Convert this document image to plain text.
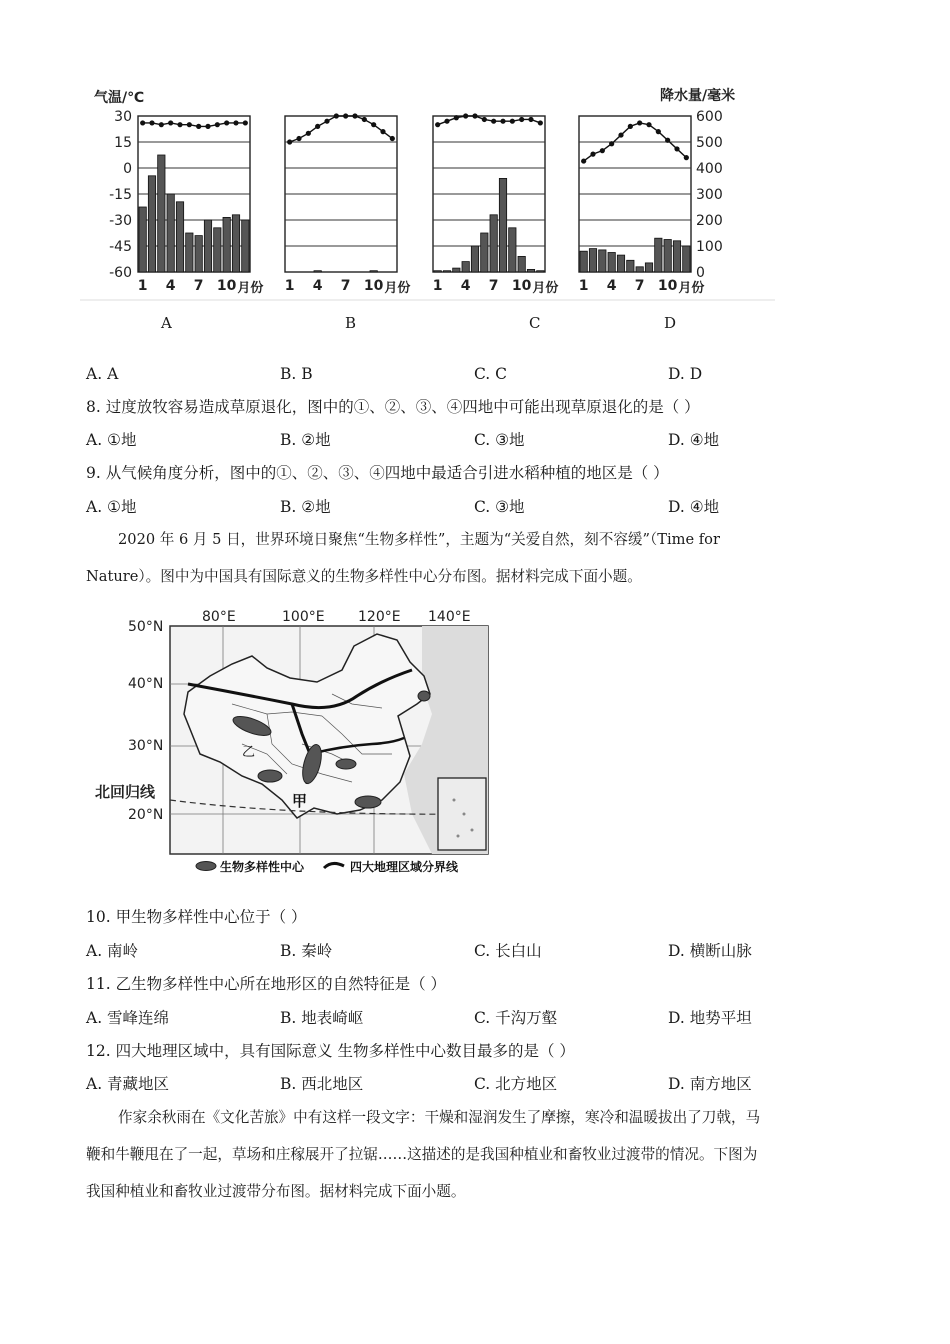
气温/℃	降水量/毫米
30
15
0
-15
-30
-45
-60
600
500
400
300
200
100
0
1 4 7 10 月份 1 4 7 10 月份 1 4 7 10 月份 1 4 7 10 月份
A	B	C	D
A. A	B. B	C. C	D. D
8. 过度放牧容易造成草原退化，图中的①、②、③、④四地中可能出现草原退化的是（ ）
A. ①地	B. ②地	C. ③地	D. ④地
9. 从气候角度分析，图中的①、②、③、④四地中最适合引进水稻种植的地区是（ ）
A. ①地	B. ②地	C. ③地	D. ④地
2020 年 6 月 5 日，世界环境日聚焦“生物多样性”，主题为“关爱自然，刻不容缓”（Time for
Nature）。图中为中国具有国际意义的生物多样性中心分布图。据材料完成下面小题。
80°E	100°E 120°E 140°E
50°N
40°N
30°N
20°N
北回归线
乙
甲
生物多样性中心	四大地理区域分界线
10. 甲生物多样性中心位于（ ）
A. 南岭	B. 秦岭	C. 长白山	D. 横断山脉
11. 乙生物多样性中心所在地形区的自然特征是（ ）
A. 雪峰连绵	B. 地表崎岖	C. 千沟万壑	D. 地势平坦
12. 四大地理区域中，具有国际意义 生物多样性中心数目最多的是（ ）
A. 青藏地区	B. 西北地区	C. 北方地区	D. 南方地区
作家余秋雨在《文化苦旅》中有这样一段文字：干燥和湿润发生了摩擦，寒冷和温暖拔出了刀戟，马
鞭和牛鞭甩在了一起，草场和庄稼展开了拉锯……这描述的是我国种植业和畜牧业过渡带的情况。下图为
我国种植业和畜牧业过渡带分布图。据材料完成下面小题。
